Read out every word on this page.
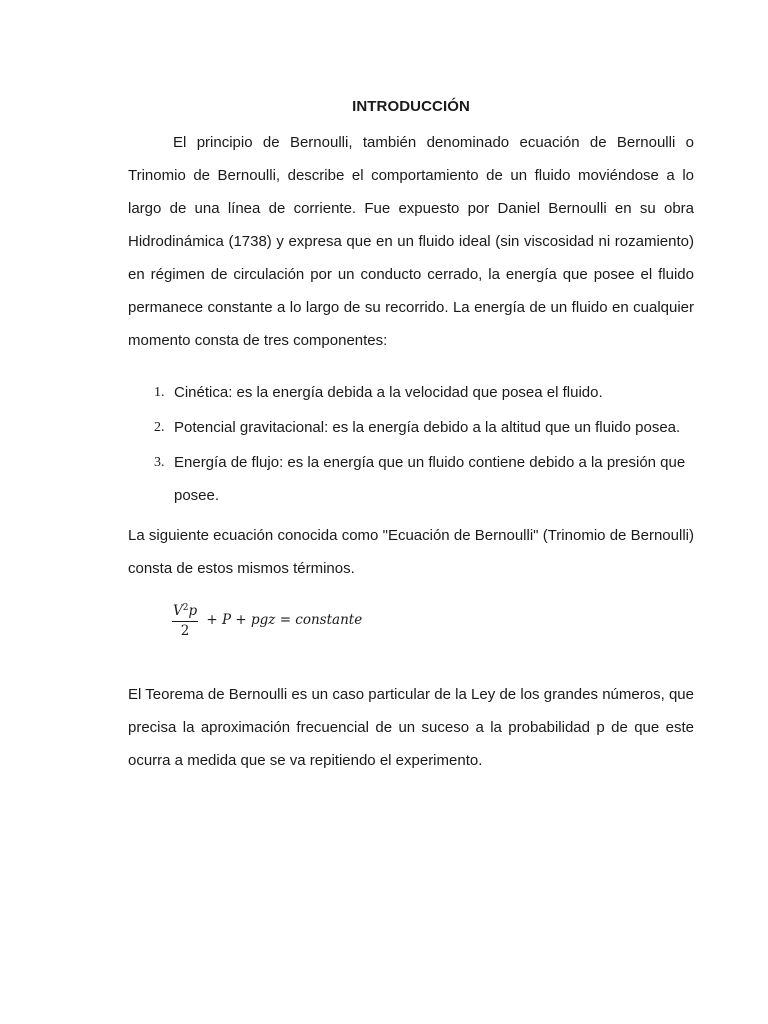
INTRODUCCIÓN

El principio de Bernoulli, también denominado ecuación de Bernoulli o Trinomio de Bernoulli, describe el comportamiento de un fluido moviéndose a lo largo de una línea de corriente. Fue expuesto por Daniel Bernoulli en su obra Hidrodinámica (1738) y expresa que en un fluido ideal (sin viscosidad ni rozamiento) en régimen de circulación por un conducto cerrado, la energía que posee el fluido permanece constante a lo largo de su recorrido. La energía de un fluido en cualquier momento consta de tres componentes:

1. Cinética: es la energía debida a la velocidad que posea el fluido.
2. Potencial gravitacional: es la energía debido a la altitud que un fluido posea.
3. Energía de flujo: es la energía que un fluido contiene debido a la presión que posee.

La siguiente ecuación conocida como "Ecuación de Bernoulli" (Trinomio de Bernoulli) consta de estos mismos términos.

$\frac{V^2p}{2} + P$ + pgz = constante

El Teorema de Bernoulli es un caso particular de la Ley de los grandes números, que precisa la aproximación frecuencial de un suceso a la probabilidad p de que este ocurra a medida que se va repitiendo el experimento.
